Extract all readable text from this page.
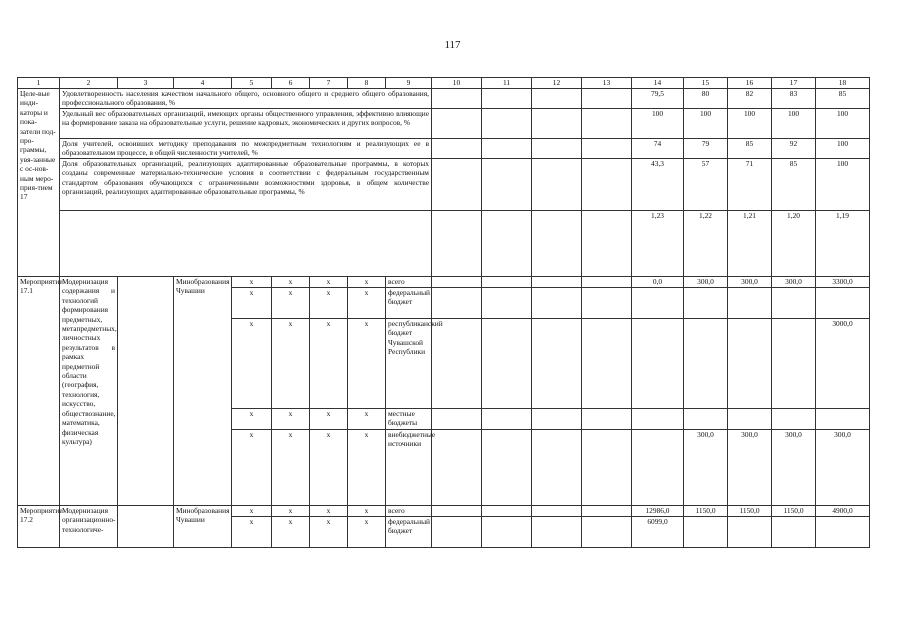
117
1	2	3	4	5	6	7	8	9	10	11	12	13	14	15	16	17	18
Целе-вые инди-каторы и пока-затели под-про-граммы, увя-занные с ос-нов-ным меро-прия-тием 17	Удовлетворенность населения качеством начального общего, основного общего и среднего общего образования, профессионального образования, %												79,5	80	82	83	85
	Удельный вес образовательных организаций, имеющих органы общественного управления, эффективно влияющие на формирование заказа на образовательные услуги, решение кадровых, экономических и других вопросов, %												100	100	100	100	100
	Доля учителей, освоивших методику преподавания по межпредметным технологиям и реализующих ее в образовательном процессе, в общей численности учителей, %												74	79	85	92	100
	Доля образовательных организаций, реализующих адаптированные образовательные программы, в которых созданы современные материально-технические условия в соответствии с федеральным государственным стандартом образования обучающихся с ограниченными возможностями здоровья, в общем количестве организаций, реализующих адаптированные образовательные программы, %												43,3	57	71	85	100
													1,23	1,22	1,21	1,20	1,19
Мероприятие 17.1	Модернизация содержания и технологий формирования предметных, метапредметных, личностных результатов в рамках предметной области (география, технология, искусство, обществознание, математика, физическая культура)		Минобразования Чувашии	x	x	x	x	всего					0,0	300,0	300,0	300,0	3300,0
				x	x	x	x	федеральный бюджет									
				x	x	x	x	республиканский бюджет Чувашской Республики									3000,0
				x	x	x	x	местные бюджеты									
				x	x	x	x	внебюджетные источники						300,0	300,0	300,0	300,0
Мероприятие 17.2	Модернизация организационно-технологиче-		Минобразования Чувашии	x	x	x	x	всего					12986,0	1150,0	1150,0	1150,0	4900,0
				x	x	x	x	федеральный бюджет					6099,0				
